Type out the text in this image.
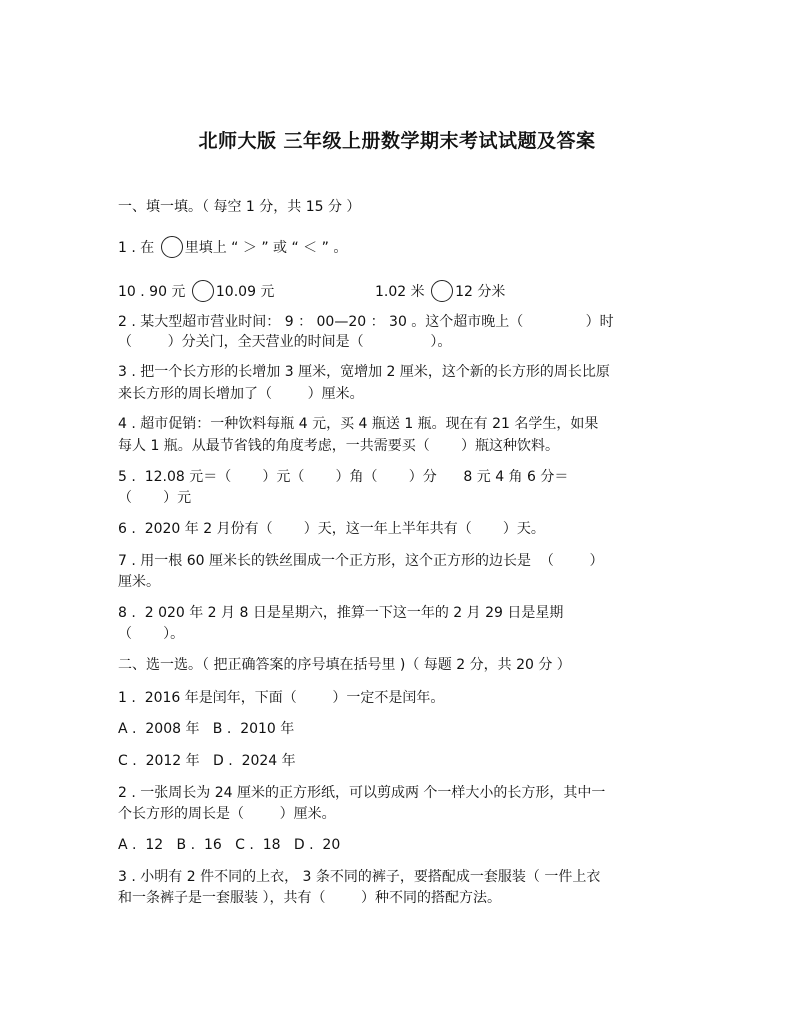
北师大版 三年级上册数学期末考试试题及答案
一、填一填。（ 每空 1 分，共 15 分 ）
1 . 在 里填上 “ ＞ ” 或 “ ＜ ” 。
10 . 90 元 10.09 元	1.02 米 12 分米
2 . 某大型超市营业时间： 9 ： 00—20 ： 30 。这个超市晚上（              ）时
（        ）分关门，全天营业的时间是（               ）。
3 . 把一个长方形的长增加 3 厘米，宽增加 2 厘米，这个新的长方形的周长比原
来长方形的周长增加了（        ）厘米。
4 . 超市促销：一种饮料每瓶 4 元，买 4 瓶送 1 瓶。现在有 21 名学生，如果
每人 1 瓶。从最节省钱的角度考虑，一共需要买（       ）瓶这种饮料。
5 .  12.08 元＝（       ）元（       ）角（       ）分      8 元 4 角 6 分＝
（       ）元
6 .  2020 年 2 月份有（       ）天，这一年上半年共有（       ）天。
7 . 用一根 60 厘米长的铁丝围成一个正方形，这个正方形的边长是  （        ）
厘米。
8 .  2 020 年 2 月 8 日是星期六，推算一下这一年的 2 月 29 日是星期
（       ）。
二、选一选。（ 把正确答案的序号填在括号里 )（ 每题 2 分，共 20 分 ）
1 .  2016 年是闰年，下面（        ）一定不是闰年。
A .  2008 年   B .  2010 年
C .  2012 年   D .  2024 年
2 . 一张周长为 24 厘米的正方形纸，可以剪成两 个一样大小的长方形，其中一
个长方形的周长是（        ）厘米。
A .  12   B .  16   C .  18   D .  20
3 . 小明有 2 件不同的上衣， 3 条不同的裤子，要搭配成一套服装（ 一件上衣
和一条裤子是一套服装 ），共有（        ）种不同的搭配方法。
